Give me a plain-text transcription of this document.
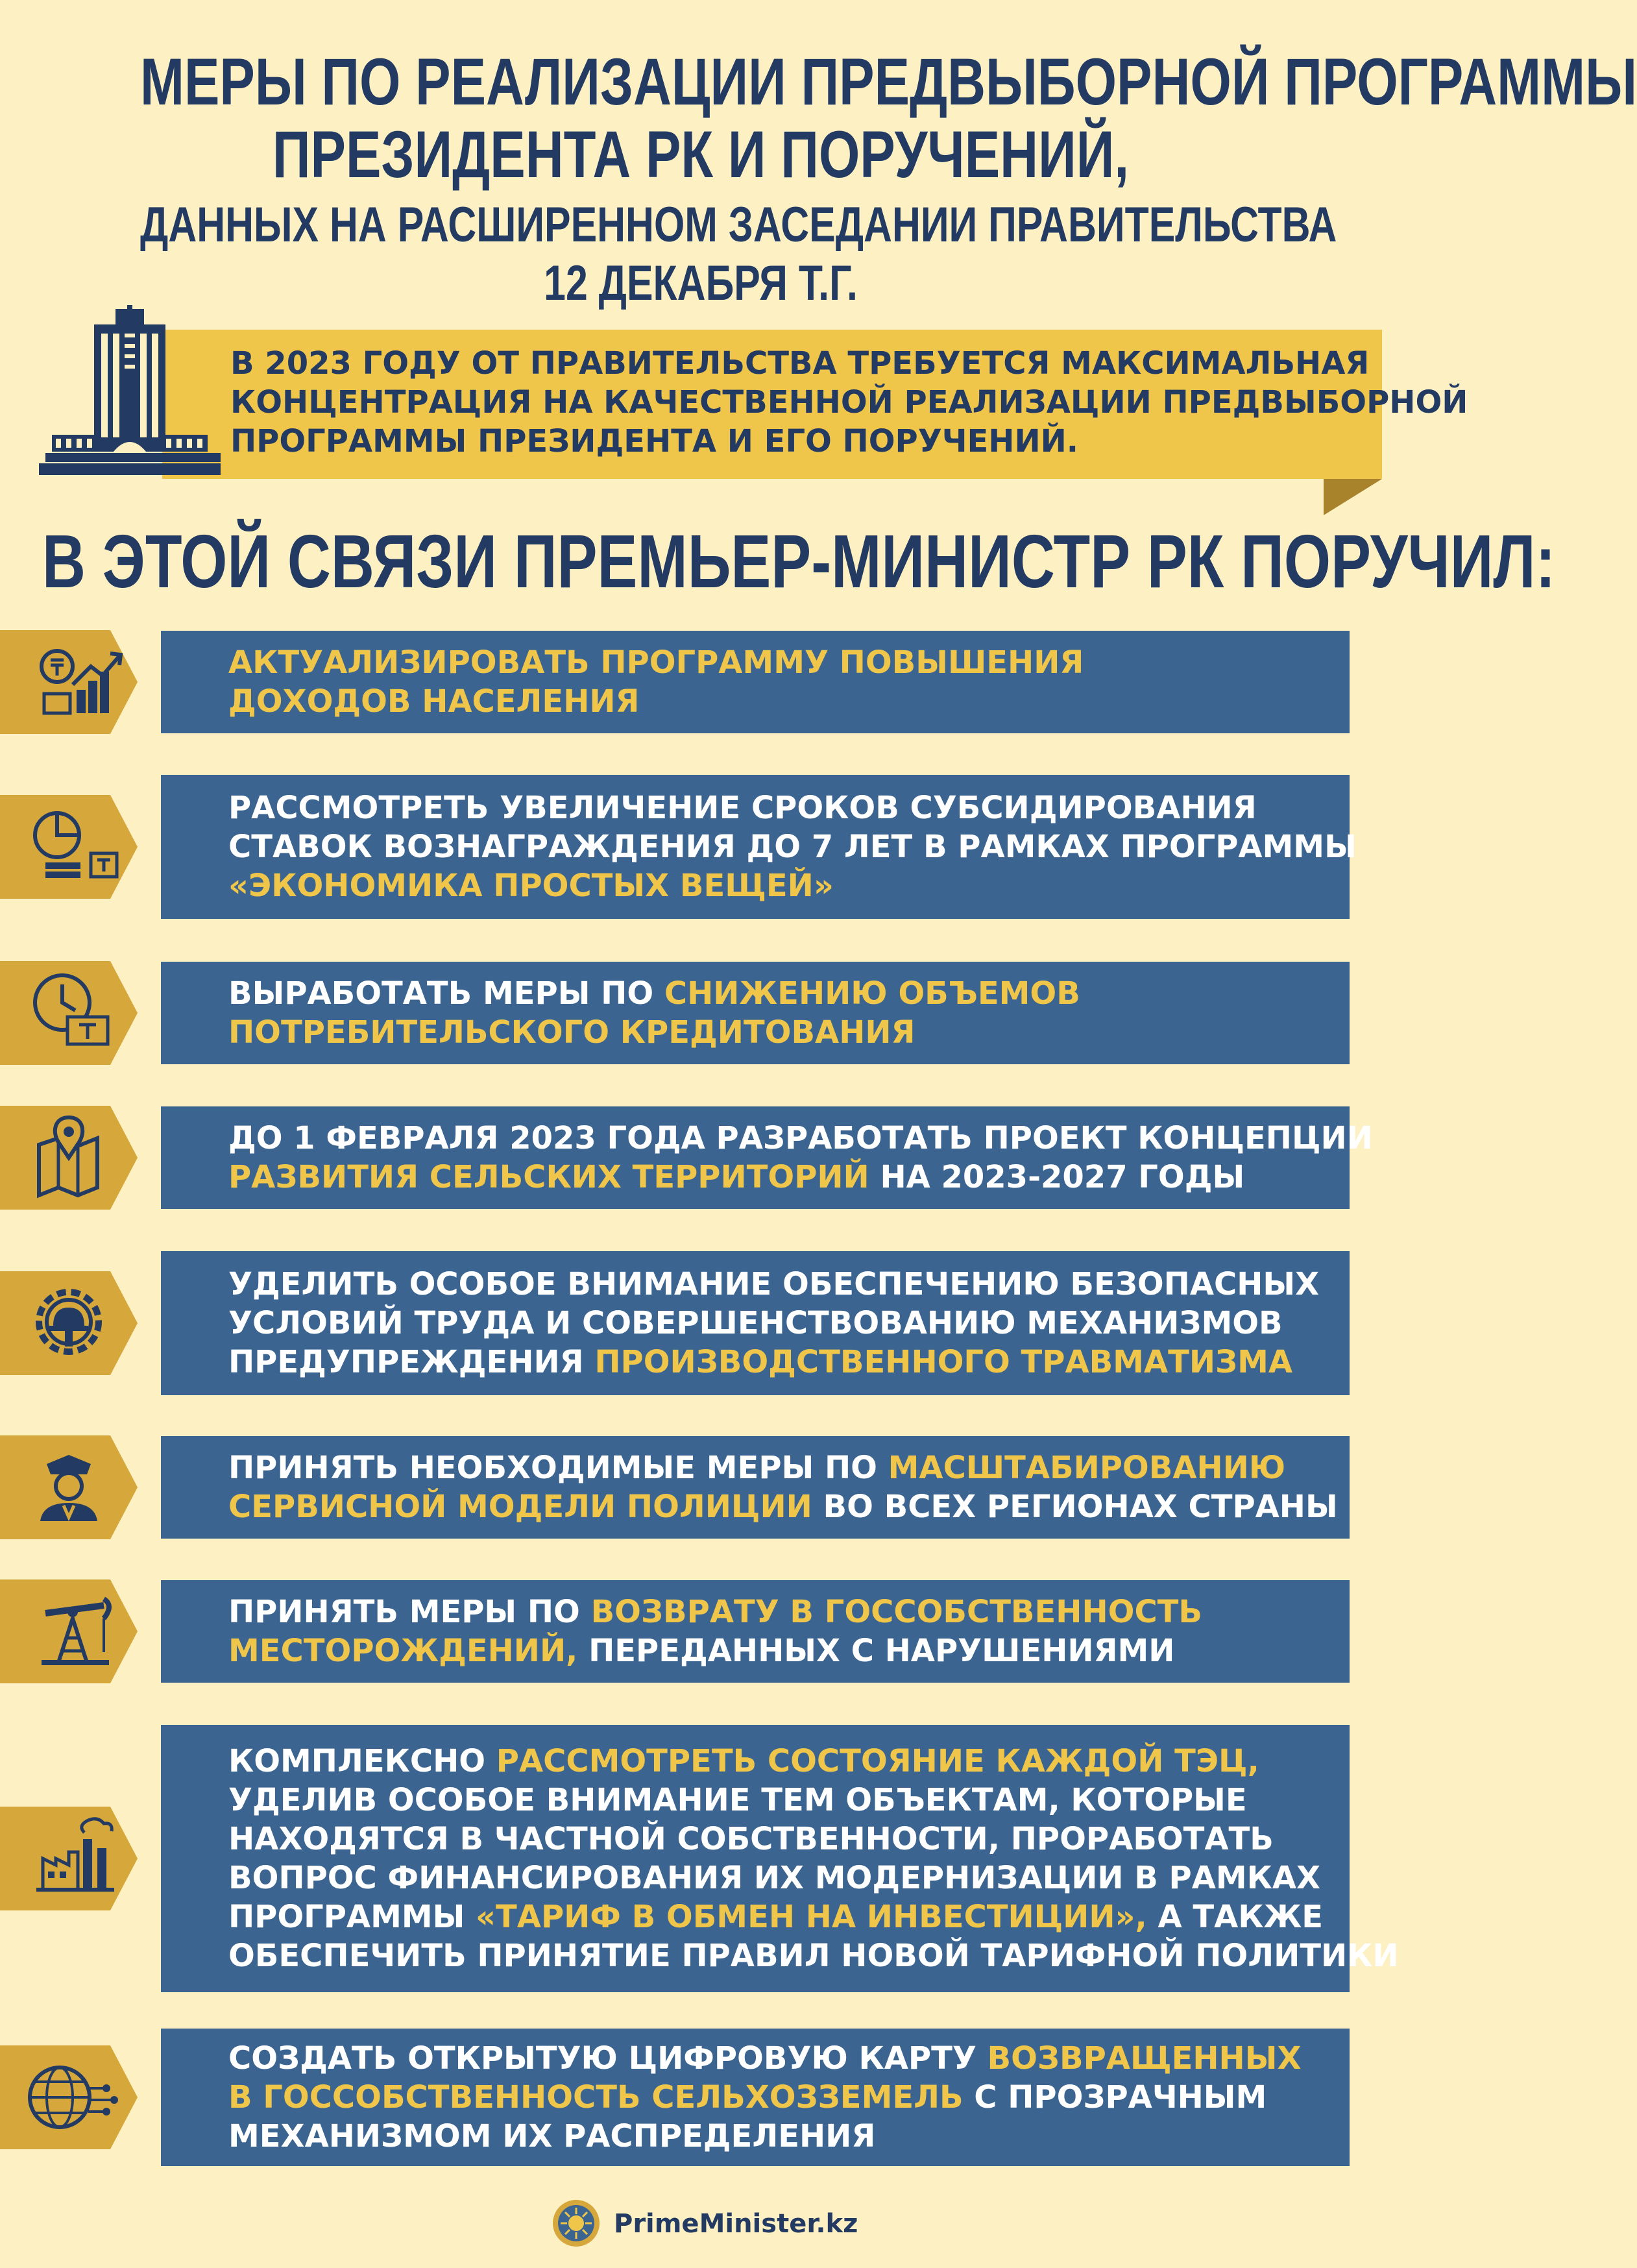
МЕРЫ ПО РЕАЛИЗАЦИИ ПРЕДВЫБОРНОЙ ПРОГРАММЫ
ПРЕЗИДЕНТА РК И ПОРУЧЕНИЙ,
ДАННЫХ НА РАСШИРЕННОМ ЗАСЕДАНИИ ПРАВИТЕЛЬСТВА
12 ДЕКАБРЯ Т.Г.
В 2023 ГОДУ ОТ ПРАВИТЕЛЬСТВА ТРЕБУЕТСЯ МАКСИМАЛЬНАЯ
КОНЦЕНТРАЦИЯ НА КАЧЕСТВЕННОЙ РЕАЛИЗАЦИИ ПРЕДВЫБОРНОЙ
ПРОГРАММЫ ПРЕЗИДЕНТА И ЕГО ПОРУЧЕНИЙ.
В ЭТОЙ СВЯЗИ ПРЕМЬЕР-МИНИСТР РК ПОРУЧИЛ:
АКТУАЛИЗИРОВАТЬ ПРОГРАММУ ПОВЫШЕНИЯ
ДОХОДОВ НАСЕЛЕНИЯ
РАССМОТРЕТЬ УВЕЛИЧЕНИЕ СРОКОВ СУБСИДИРОВАНИЯ
СТАВОК ВОЗНАГРАЖДЕНИЯ ДО 7 ЛЕТ В РАМКАХ ПРОГРАММЫ
«ЭКОНОМИКА ПРОСТЫХ ВЕЩЕЙ»
ВЫРАБОТАТЬ МЕРЫ ПО СНИЖЕНИЮ ОБЪЕМОВ
ПОТРЕБИТЕЛЬСКОГО КРЕДИТОВАНИЯ
ДО 1 ФЕВРАЛЯ 2023 ГОДА РАЗРАБОТАТЬ ПРОЕКТ КОНЦЕПЦИИ
РАЗВИТИЯ СЕЛЬСКИХ ТЕРРИТОРИЙ НА 2023-2027 ГОДЫ
УДЕЛИТЬ ОСОБОЕ ВНИМАНИЕ ОБЕСПЕЧЕНИЮ БЕЗОПАСНЫХ
УСЛОВИЙ ТРУДА И СОВЕРШЕНСТВОВАНИЮ МЕХАНИЗМОВ
ПРЕДУПРЕЖДЕНИЯ ПРОИЗВОДСТВЕННОГО ТРАВМАТИЗМА
ПРИНЯТЬ НЕОБХОДИМЫЕ МЕРЫ ПО МАСШТАБИРОВАНИЮ
СЕРВИСНОЙ МОДЕЛИ ПОЛИЦИИ ВО ВСЕХ РЕГИОНАХ СТРАНЫ
ПРИНЯТЬ МЕРЫ ПО ВОЗВРАТУ В ГОССОБСТВЕННОСТЬ
МЕСТОРОЖДЕНИЙ, ПЕРЕДАННЫХ С НАРУШЕНИЯМИ
КОМПЛЕКСНО РАССМОТРЕТЬ СОСТОЯНИЕ КАЖДОЙ ТЭЦ,
УДЕЛИВ ОСОБОЕ ВНИМАНИЕ ТЕМ ОБЪЕКТАМ, КОТОРЫЕ
НАХОДЯТСЯ В ЧАСТНОЙ СОБСТВЕННОСТИ, ПРОРАБОТАТЬ
ВОПРОС ФИНАНСИРОВАНИЯ ИХ МОДЕРНИЗАЦИИ В РАМКАХ
ПРОГРАММЫ «ТАРИФ В ОБМЕН НА ИНВЕСТИЦИИ», А ТАКЖЕ
ОБЕСПЕЧИТЬ ПРИНЯТИЕ ПРАВИЛ НОВОЙ ТАРИФНОЙ ПОЛИТИКИ
СОЗДАТЬ ОТКРЫТУЮ ЦИФРОВУЮ КАРТУ ВОЗВРАЩЕННЫХ
В ГОССОБСТВЕННОСТЬ СЕЛЬХОЗЗЕМЕЛЬ С ПРОЗРАЧНЫМ
МЕХАНИЗМОМ ИХ РАСПРЕДЕЛЕНИЯ
PrimeMinister.kz
